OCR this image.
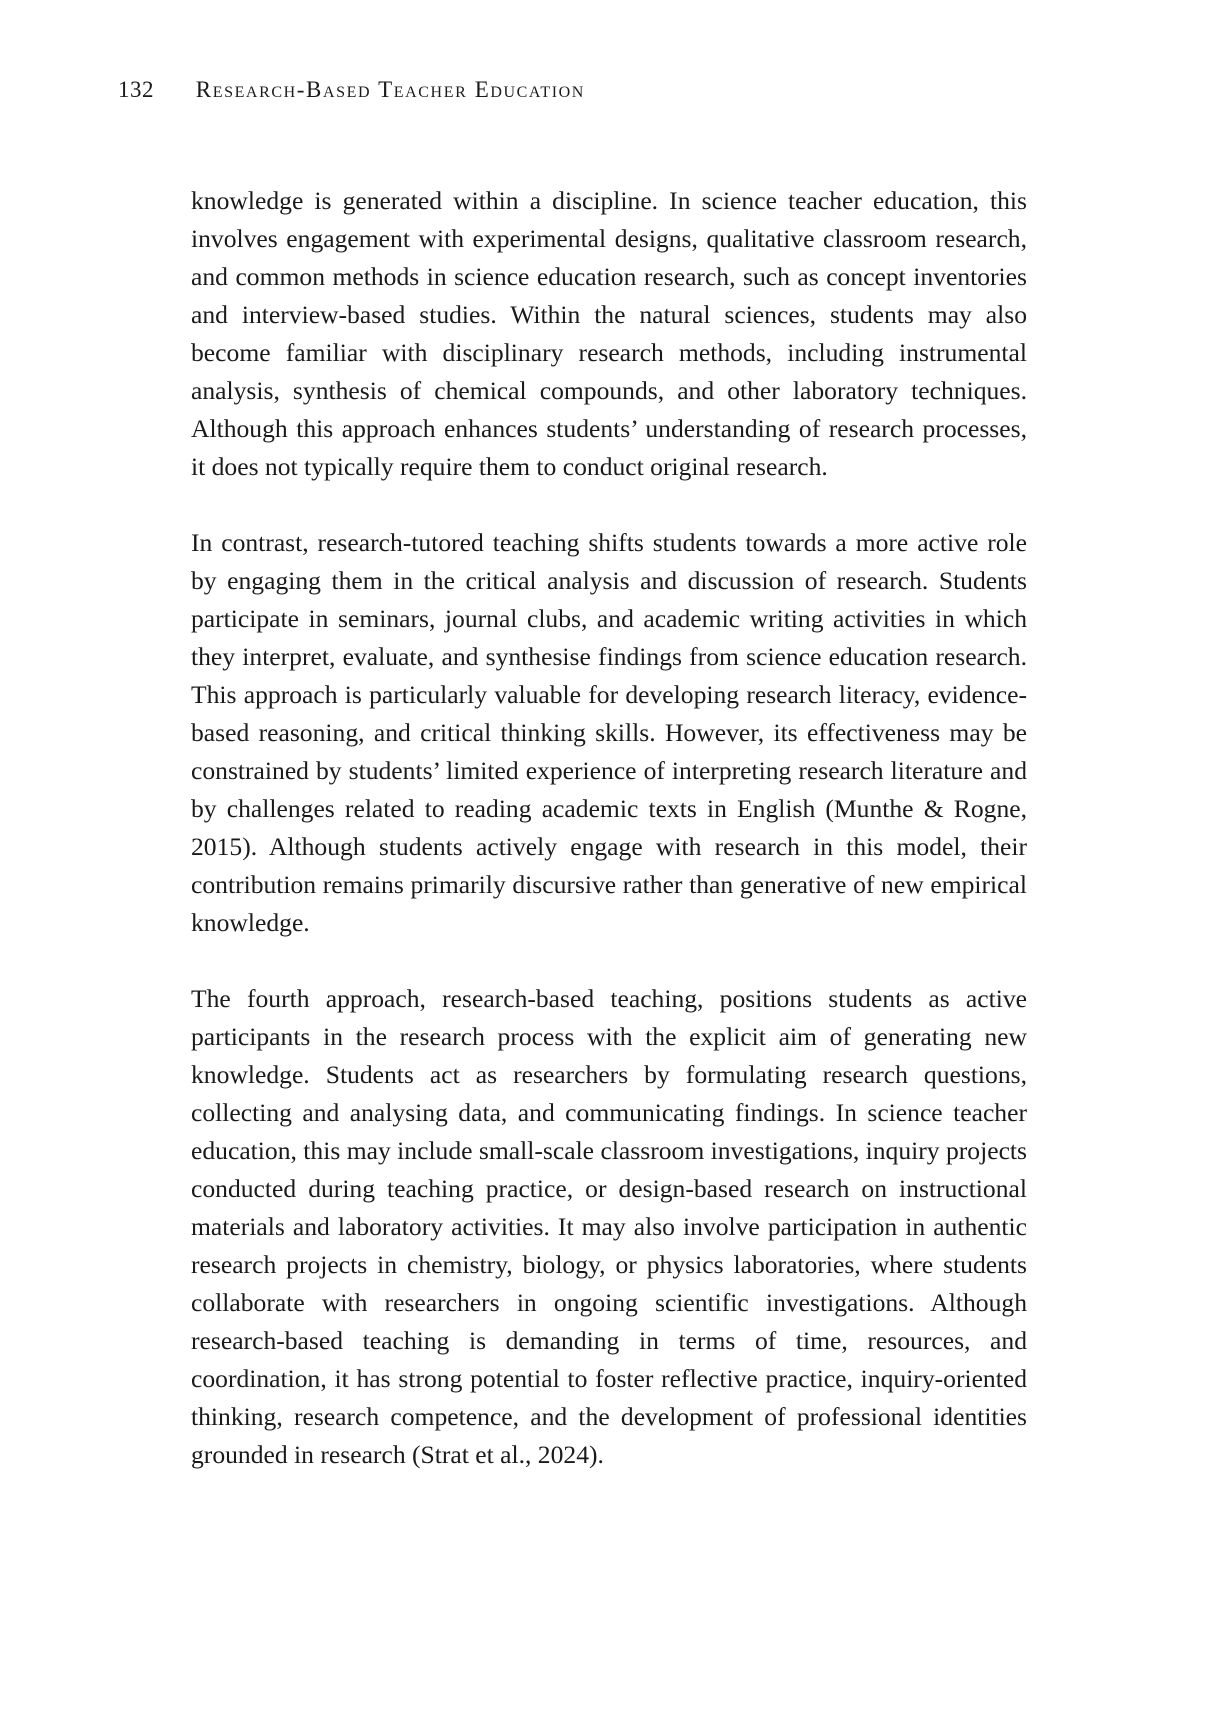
132 Research-Based Teacher Education

knowledge is generated within a discipline. In science teacher education, this involves engagement with experimental designs, qualitative classroom research, and common methods in science education research, such as concept inventories and interview-based studies. Within the natural sciences, students may also become familiar with disciplinary research methods, including instrumental analysis, synthesis of chemical compounds, and other laboratory techniques. Although this approach enhances students’ understanding of research processes, it does not typically require them to conduct original research.

In contrast, research-tutored teaching shifts students towards a more active role by engaging them in the critical analysis and discussion of research. Students participate in seminars, journal clubs, and academic writing activities in which they interpret, evaluate, and synthesise findings from science education research. This approach is particularly valuable for developing research literacy, evidence-based reasoning, and critical thinking skills. However, its effectiveness may be constrained by students’ limited experience of interpreting research literature and by challenges related to reading academic texts in English (Munthe & Rogne, 2015). Although students actively engage with research in this model, their contribution remains primarily discursive rather than generative of new empirical knowledge.

The fourth approach, research-based teaching, positions students as active participants in the research process with the explicit aim of generating new knowledge. Students act as researchers by formulating research questions, collecting and analysing data, and communicating findings. In science teacher education, this may include small-scale classroom investigations, inquiry projects conducted during teaching practice, or design-based research on instructional materials and laboratory activities. It may also involve participation in authentic research projects in chemistry, biology, or physics laboratories, where students collaborate with researchers in ongoing scientific investigations. Although research-based teaching is demanding in terms of time, resources, and coordination, it has strong potential to foster reflective practice, inquiry-oriented thinking, research competence, and the development of professional identities grounded in research (Strat et al., 2024).
